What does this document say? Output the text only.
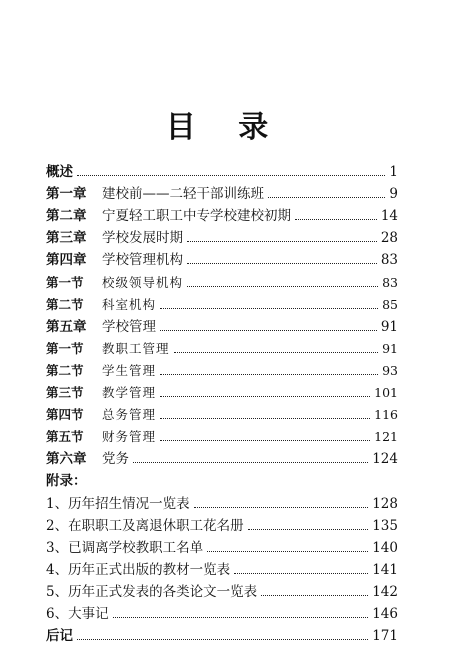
目 录
概述	1
第一章	建校前——二轻干部训练班	9
第二章	宁夏轻工职工中专学校建校初期	14
第三章	学校发展时期	28
第四章	学校管理机构	83
第一节	校级领导机构	83
第二节	科室机构	85
第五章	学校管理	91
第一节	教职工管理	91
第二节	学生管理	93
第三节	教学管理	101
第四节	总务管理	116
第五节	财务管理	121
第六章	党务	124
附录：
1、历年招生情况一览表	128
2、在职职工及离退休职工花名册	135
3、已调离学校教职工名单	140
4、历年正式出版的教材一览表	141
5、历年正式发表的各类论文一览表	142
6、大事记	146
后记	171
